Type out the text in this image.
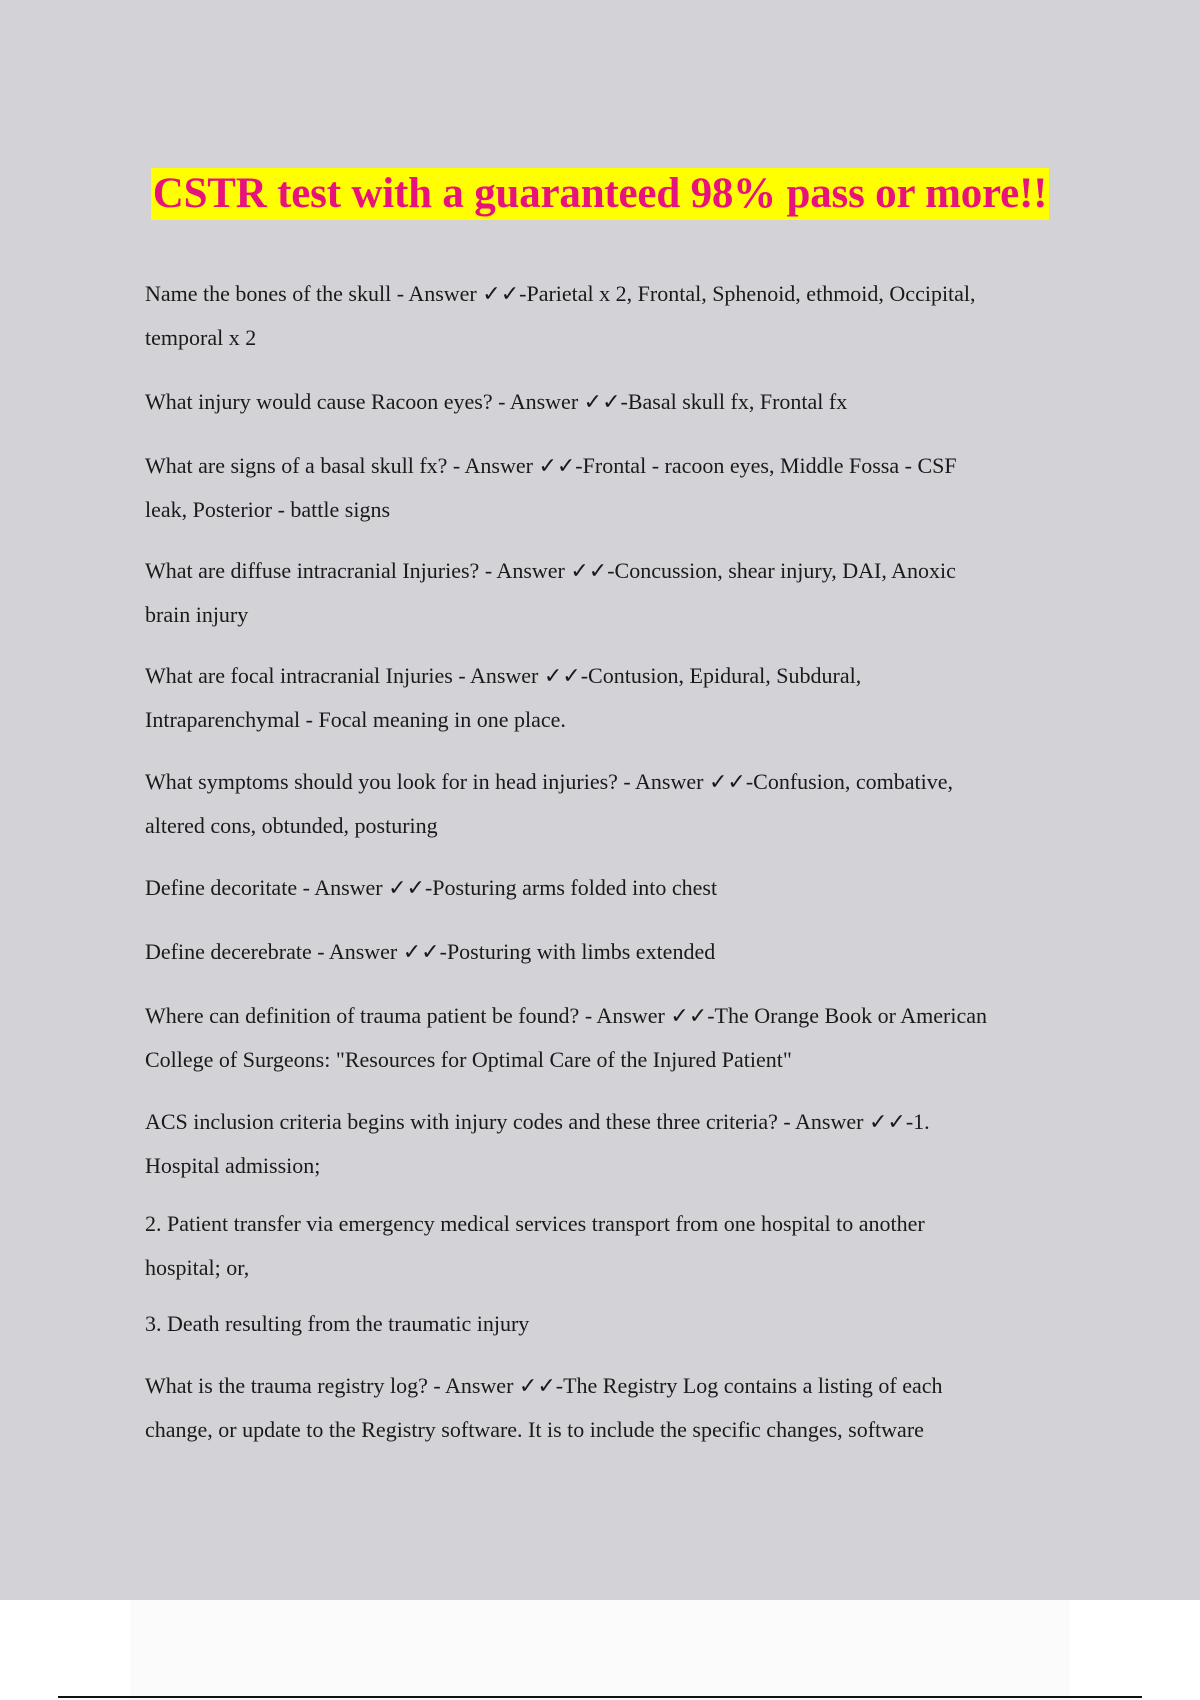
CSTR test with a guaranteed 98% pass or more!!
Name the bones of the skull - Answer ✓✓-Parietal x 2, Frontal, Sphenoid, ethmoid, Occipital,
temporal x 2
What injury would cause Racoon eyes? - Answer ✓✓-Basal skull fx, Frontal fx
What are signs of a basal skull fx? - Answer ✓✓-Frontal - racoon eyes, Middle Fossa - CSF
leak, Posterior - battle signs
What are diffuse intracranial Injuries? - Answer ✓✓-Concussion, shear injury, DAI, Anoxic
brain injury
What are focal intracranial Injuries - Answer ✓✓-Contusion, Epidural, Subdural,
Intraparenchymal - Focal meaning in one place.
What symptoms should you look for in head injuries? - Answer ✓✓-Confusion, combative,
altered cons, obtunded, posturing
Define decoritate - Answer ✓✓-Posturing arms folded into chest
Define decerebrate - Answer ✓✓-Posturing with limbs extended
Where can definition of trauma patient be found? - Answer ✓✓-The Orange Book or American
College of Surgeons: "Resources for Optimal Care of the Injured Patient"
ACS inclusion criteria begins with injury codes and these three criteria? - Answer ✓✓-1.
Hospital admission;
2. Patient transfer via emergency medical services transport from one hospital to another
hospital; or,
3. Death resulting from the traumatic injury
What is the trauma registry log? - Answer ✓✓-The Registry Log contains a listing of each
change, or update to the Registry software. It is to include the specific changes, software
